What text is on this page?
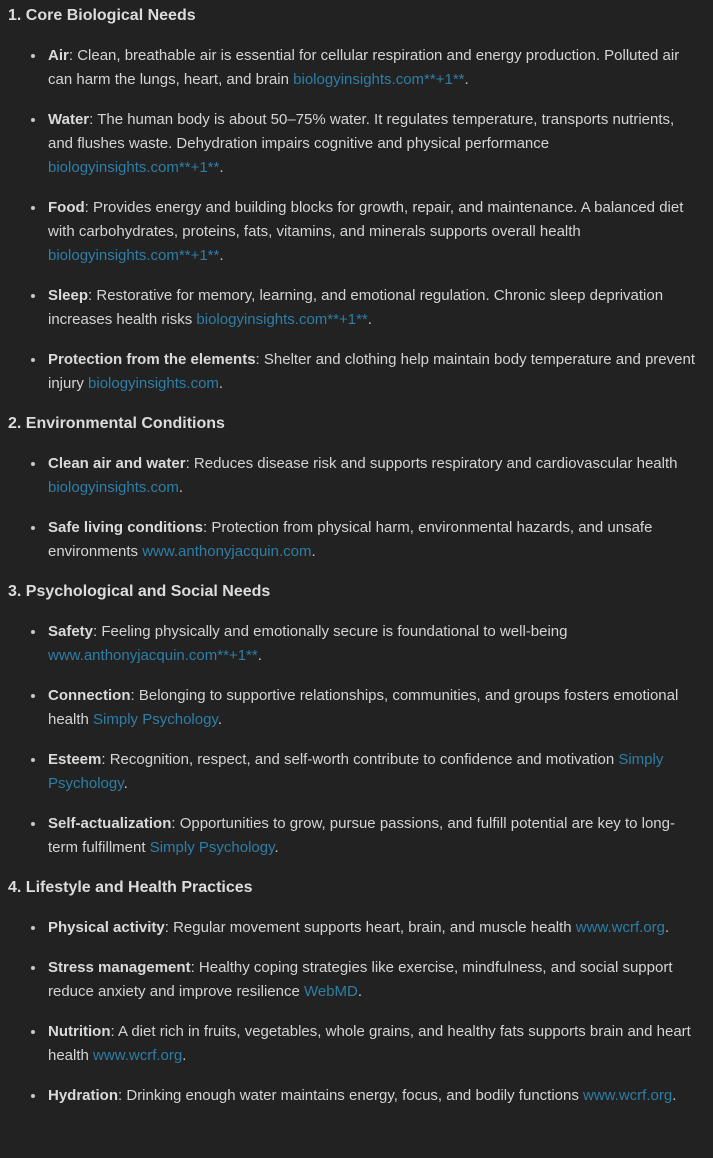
1. Core Biological Needs
• Air: Clean, breathable air is essential for cellular respiration and energy production. Polluted air can harm the lungs, heart, and brain biologyinsights.com**+1**.
• Water: The human body is about 50–75% water. It regulates temperature, transports nutrients, and flushes waste. Dehydration impairs cognitive and physical performance biologyinsights.com**+1**.
• Food: Provides energy and building blocks for growth, repair, and maintenance. A balanced diet with carbohydrates, proteins, fats, vitamins, and minerals supports overall health biologyinsights.com**+1**.
• Sleep: Restorative for memory, learning, and emotional regulation. Chronic sleep deprivation increases health risks biologyinsights.com**+1**.
• Protection from the elements: Shelter and clothing help maintain body temperature and prevent injury biologyinsights.com.
2. Environmental Conditions
• Clean air and water: Reduces disease risk and supports respiratory and cardiovascular health biologyinsights.com.
• Safe living conditions: Protection from physical harm, environmental hazards, and unsafe environments www.anthonyjacquin.com.
3. Psychological and Social Needs
• Safety: Feeling physically and emotionally secure is foundational to well-being www.anthonyjacquin.com**+1**.
• Connection: Belonging to supportive relationships, communities, and groups fosters emotional health Simply Psychology.
• Esteem: Recognition, respect, and self-worth contribute to confidence and motivation Simply Psychology.
• Self-actualization: Opportunities to grow, pursue passions, and fulfill potential are key to long-term fulfillment Simply Psychology.
4. Lifestyle and Health Practices
• Physical activity: Regular movement supports heart, brain, and muscle health www.wcrf.org.
• Stress management: Healthy coping strategies like exercise, mindfulness, and social support reduce anxiety and improve resilience WebMD.
• Nutrition: A diet rich in fruits, vegetables, whole grains, and healthy fats supports brain and heart health www.wcrf.org.
• Hydration: Drinking enough water maintains energy, focus, and bodily functions www.wcrf.org.
